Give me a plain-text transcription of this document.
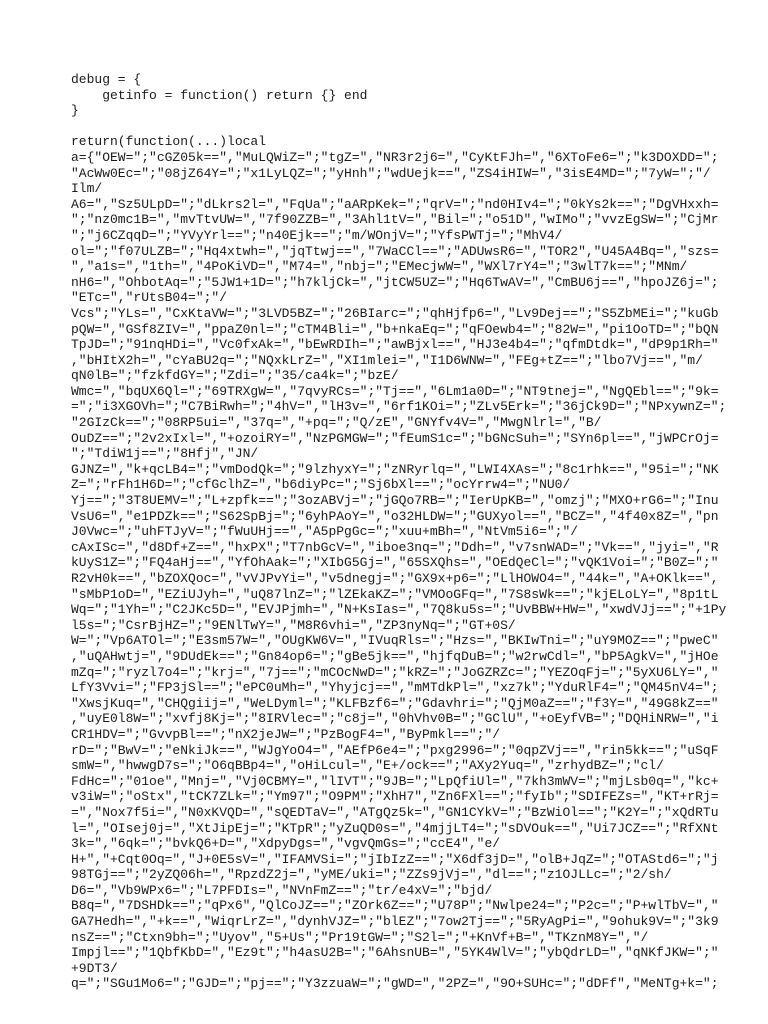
debug = {
getinfo = function() return {} end
}
return(function(...)local
a={"OEW=";"cGZ05k==","MuLQWiZ=";"tgZ=","NR3r2j6=","CyKtFJh=","6XToFe6=";"k3DOXDD=";
"AcWw0Ec=";"08jZ64Y=";"x1LyLQZ=";"yHnh";"wdUejk==","ZS4iHIW=","3isE4MD=";"7yW=";"/
Ilm/
A6=","Sz5ULpD=";"dLkrs2l=","FqUa";"aARpKek=";"qrV=";"nd0HIv4=";"0kYs2k==";"DgVHxxh=
";"nz0mc1B=","mvTtvUW=","7f90ZZB=","3Ahl1tV=","Bil=";"o51D","wIMo";"vvzEgSW=";"CjMr
";"j6CZqqD=";"YVyYrl==";"n40Ejk==";"m/WOnjV=";"YfsPWTj=";"MhV4/
ol=";"f07ULZB=";"Hq4xtwh=","jqTtwj==","7WaCCl==";"ADUwsR6=","TOR2","U45A4Bq=","szs=
","a1s=","1th=","4PoKiVD=","M74=","nbj=";"EMecjwW=","WXl7rY4=";"3wlT7k==";"MNm/
nH6=","OhbotAq=";"5JW1+1D=";"h7kljCk=","jtCW5UZ=";"Hq6TwAV=","CmBU6j==","hpoJZ6j=";
"ETc=","rUtsB04=";"/
Vcs";"YLs=","CxKtaVW=";"3LVD5BZ=";"26BIarc=";"qhHjfp6=","Lv9Dej==";"S5ZbMEi=";"kuGb
pQW=","GSf8ZIV=","ppaZ0nl=";"cTM4Bli=","b+nkaEq=";"qFOewb4=";"82W=","pi1OoTD=";"bQN
TpJD=";"91nqHDi=","Vc0fxAk=","bEwRDIh=";"awBjxl==","HJ3e4b4=";"qfmDtdk=","dP9p1Rh="
,"bHItX2h=","cYaBU2q=";"NQxkLrZ=","XI1mlei=","I1D6WNW=","FEg+tZ==";"lbo7Vj==","m/
qN0lB=";"fzkfdGY=";"Zdi=";"35/ca4k=";"bzE/
Wmc=","bqUX6Ql=";"69TRXgW=","7qvyRCs=";"Tj==","6Lm1a0D=";"NT9tnej=","NgQEbl==";"9k=
=";"i3XGOVh=";"C7BiRwh=";"4hV=","lH3v=","6rf1KOi=";"ZLv5Erk=";"36jCk9D=";"NPxywnZ=";
"2GIzCk==";"08RP5ui=","37q=","+pq=";"Q/zE","GNYfv4V=","MwgNlrl=","B/
OuDZ==";"2v2xIxl=","+ozoiRY=","NzPGMGW=";"fEumS1c=";"bGNcSuh=";"SYn6pl==","jWPCrOj=
";"TdiW1j==";"8Hfj","JN/
GJNZ=","k+qcLB4=";"vmDodQk=";"9lzhyxY=";"zNRyrlq=","LWI4XAs=";"8c1rhk==","95i=";"NK
Z=";"rFh1H6D=";"cfGclhZ=","b6diyPc=";"Sj6bXl==";"ocYrrw4=";"NU0/
Yj==";"3T8UEMV=";"L+zpfk==";"3ozABVj=";"jGQo7RB=";"IerUpKB=","omzj";"MXO+rG6=";"Inu
VsU6=","e1PDZk==";"S62SpBj=";"6yhPAoY=","o32HLDW=";"GUXyol==","BCZ=","4f40x8Z=","pn
J0Vwc=";"uhFTJyV=";"fWuUHj==","A5pPgGc=";"xuu+mBh=","NtVm5i6=";"/
cAxISc=","d8Df+Z==","hxPX";"T7nbGcV=","iboe3nq=";"Ddh=","v7snWAD=";"Vk==","jyi=","R
kUyS1Z=";"FQ4aHj==","YfOhAak=";"XIbG5Gj=","65SXQhs=","OEdQeCl=";"vQK1Voi=";"B0Z=";"
R2vH0k==","bZOXQoc=","vVJPvYi=","v5dnegj=";"GX9x+p6=";"LlHOWO4=","44k=","A+OKlk==",
"sMbP1oD=","EZiUJyh=","uQ87lnZ=";"lZEkaKZ=";"VMOoGFq=","7S8sWk==";"kjELoLY=","8p1tL
Wq=";"1Yh=";"C2JKc5D=","EVJPjmh=","N+KsIas=","7Q8ku5s=";"UvBBW+HW=","xwdVJj==";"+1Py
l5s=";"CsrBjHZ=";"9ENlTwY=","M8R6vhi=","ZP3nyNq=";"GT+0S/
W=";"Vp6ATOl=";"E3sm57W=","OUgKW6V=","IVuqRls=";"Hzs=","BKIwTni=";"uY9MOZ==";"pweC"
,"uQAHwtj=","9DUdEk==";"Gn84op6=";"gBe5jk==","hjfqDuB=";"w2rwCdl=","bP5AgkV=","jHOe
mZq=";"ryzl7o4=";"krj=","7j==";"mCOcNwD=";"kRZ=";"JoGZRZc=";"YEZOqFj=";"5yXU6LY=","
LfY3Vvi=";"FP3jSl==";"ePC0uMh=","Yhyjcj==","mMTdkPl=","xz7k";"YduRlF4=";"QM45nV4=";
"XwsjKuq=","CHQgiij=","WeLDyml=";"KLFBzf6=";"Gdavhri=";"QjM0aZ==";"f3Y=","49G8kZ=="
,"uyE0l8W=";"xvfj8Kj=";"8IRVlec=";"c8j=","0hVhv0B=";"GClU","+oEyfVB=";"DQHiNRW=","i
CR1HDV=";"GvvpBl==";"nX2jeJW=";"PzBogF4=","ByPmkl==";"/
rD=";"BwV=";"eNkiJk==","WJgYoO4=","AEfP6e4=";"pxg2996=";"0qpZVj==","rin5kk==";"uSqF
smW=","hwwgD7s=";"O6qBBp4=","oHiLcul=","E+/ock==";"AXy2Yuq=","zrhydBZ=";"cl/
FdHc=";"01oe","Mnj=","Vj0CBMY=","lIVT";"9JB=";"LpQfiUl=","7kh3mWV=";"mjLsb0q=","kc+
v3iW=";"oStx","tCK7ZLk=";"Ym97";"O9PM";"XhH7","Zn6FXl==";"fyIb";"SDIFEZs=","KT+rRj=
=","Nox7f5i=","N0xKVQD=","sQEDTaV=","ATgQz5k=","GN1CYkV=";"BzWiOl==";"K2Y=";"xQdRTu
l=","OIsej0j=","XtJipEj=";"KTpR";"yZuQD0s=","4mjjLT4=";"sDVOuk==","Ui7JCZ==";"RfXNt
3k=","6qk=";"bvkQ6+D=","XdpyDgs=","vgvQmGs=";"ccE4","e/
H+","+Cqt0Oq=","J+0E5sV=","IFAMVSi=";"jIbIzZ==";"X6df3jD=","olB+JqZ=";"OTAStd6=";"j
98TGj==";"2yZQ06h=","RpzdZ2j=","yME/uki=";"ZZs9jVj=","dl==";"z1OJLLc=";"2/sh/
D6=","Vb9WPx6=";"L7PFDIs=","NVnFmZ==";"tr/e4xV=";"bjd/
B8q=","7DSHDk==";"qPx6","QlCoJZ==";"ZOrk6Z==";"U78P";"Nwlpe24=";"P2c=";"P+wlTbV=","
GA7Hedh=","+k==","WiqrLrZ=","dynhVJZ=";"blEZ";"7ow2Tj==";"5RyAgPi=","9ohuk9V=";"3k9
nsZ==";"Ctxn9bh=";"Uyov","5+Us";"Pr19tGW=";"S2l=";"+KnVf+B=","TKznM8Y=","/
Impjl==";"1QbfKbD=","Ez9t";"h4asU2B=";"6AhsnUB=","5YK4WlV=";"ybQdrLD=","qNKfJKW=";"
+9DT3/
q=";"SGu1Mo6=";"GJD=";"pj==";"Y3zzuaW=";"gWD=","2PZ=","9O+SUHc=";"dDFf","MeNTg+k=";
